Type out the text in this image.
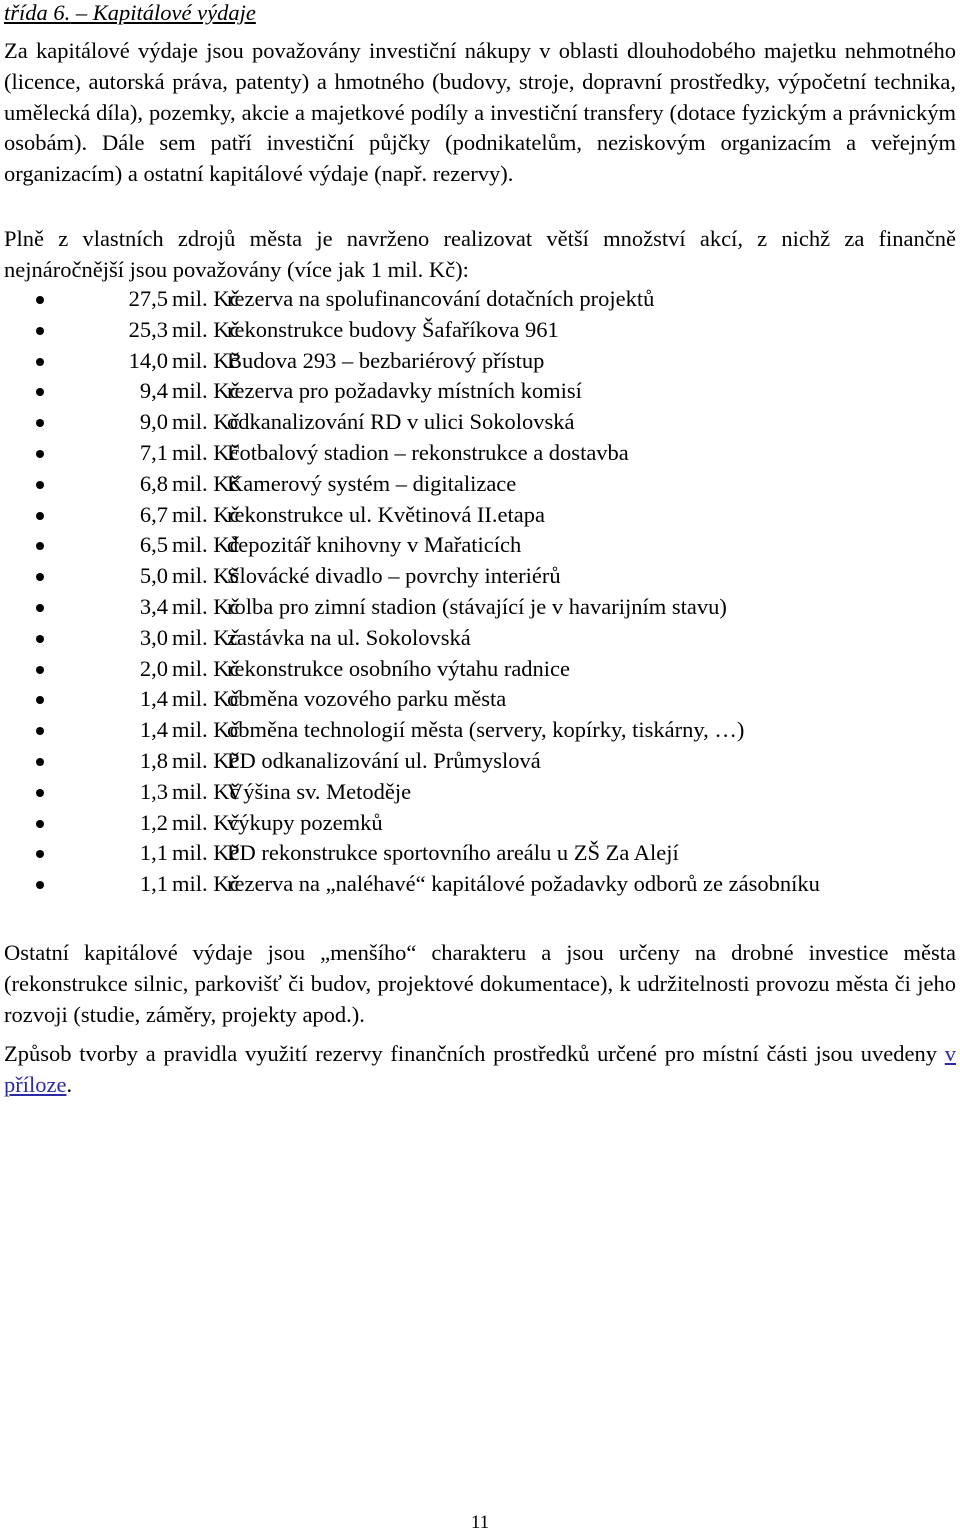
třída 6. – Kapitálové výdaje

Za kapitálové výdaje jsou považovány investiční nákupy v oblasti dlouhodobého majetku nehmotného (licence, autorská práva, patenty) a hmotného (budovy, stroje, dopravní prostředky, výpočetní technika, umělecká díla), pozemky, akcie a majetkové podíly a investiční transfery (dotace fyzickým a právnickým osobám). Dále sem patří investiční půjčky (podnikatelům, neziskovým organizacím a veřejným organizacím) a ostatní kapitálové výdaje (např. rezervy).

Plně z vlastních zdrojů města je navrženo realizovat větší množství akcí, z nichž za finančně nejnáročnější jsou považovány (více jak 1 mil. Kč):

27,5 mil. Kč
rezerva na spolufinancování dotačních projektů
25,3 mil. Kč
rekonstrukce budovy Šafaříkova 961
14,0 mil. Kč
Budova 293 – bezbariérový přístup
9,4 mil. Kč
rezerva pro požadavky místních komisí
9,0 mil. Kč
odkanalizování RD v ulici Sokolovská
7,1 mil. Kč
Fotbalový stadion – rekonstrukce a dostavba
6,8 mil. Kč
Kamerový systém – digitalizace
6,7 mil. Kč
rekonstrukce ul. Květinová II.etapa
6,5 mil. Kč
depozitář knihovny v Mařaticích
5,0 mil. Kč
Slovácké divadlo – povrchy interiérů
3,4 mil. Kč
rolba pro zimní stadion (stávající je v havarijním stavu)
3,0 mil. Kč
zastávka na ul. Sokolovská
2,0 mil. Kč
rekonstrukce osobního výtahu radnice
1,4 mil. Kč
obměna vozového parku města
1,4 mil. Kč
obměna technologií města (servery, kopírky, tiskárny, …)
1,8 mil. Kč
PD odkanalizování ul. Průmyslová
1,3 mil. Kč
Výšina sv. Metoděje
1,2 mil. Kč
výkupy pozemků
1,1 mil. Kč
PD rekonstrukce sportovního areálu u ZŠ Za Alejí
1,1 mil. Kč
rezerva na „naléhavé“ kapitálové požadavky odborů ze zásobníku

Ostatní kapitálové výdaje jsou „menšího“ charakteru a jsou určeny na drobné investice města (rekonstrukce silnic, parkovišť či budov, projektové dokumentace), k udržitelnosti provozu města či jeho rozvoji (studie, záměry, projekty apod.).

Způsob tvorby a pravidla využití rezervy finančních prostředků určené pro místní části jsou uvedeny v příloze.

11
